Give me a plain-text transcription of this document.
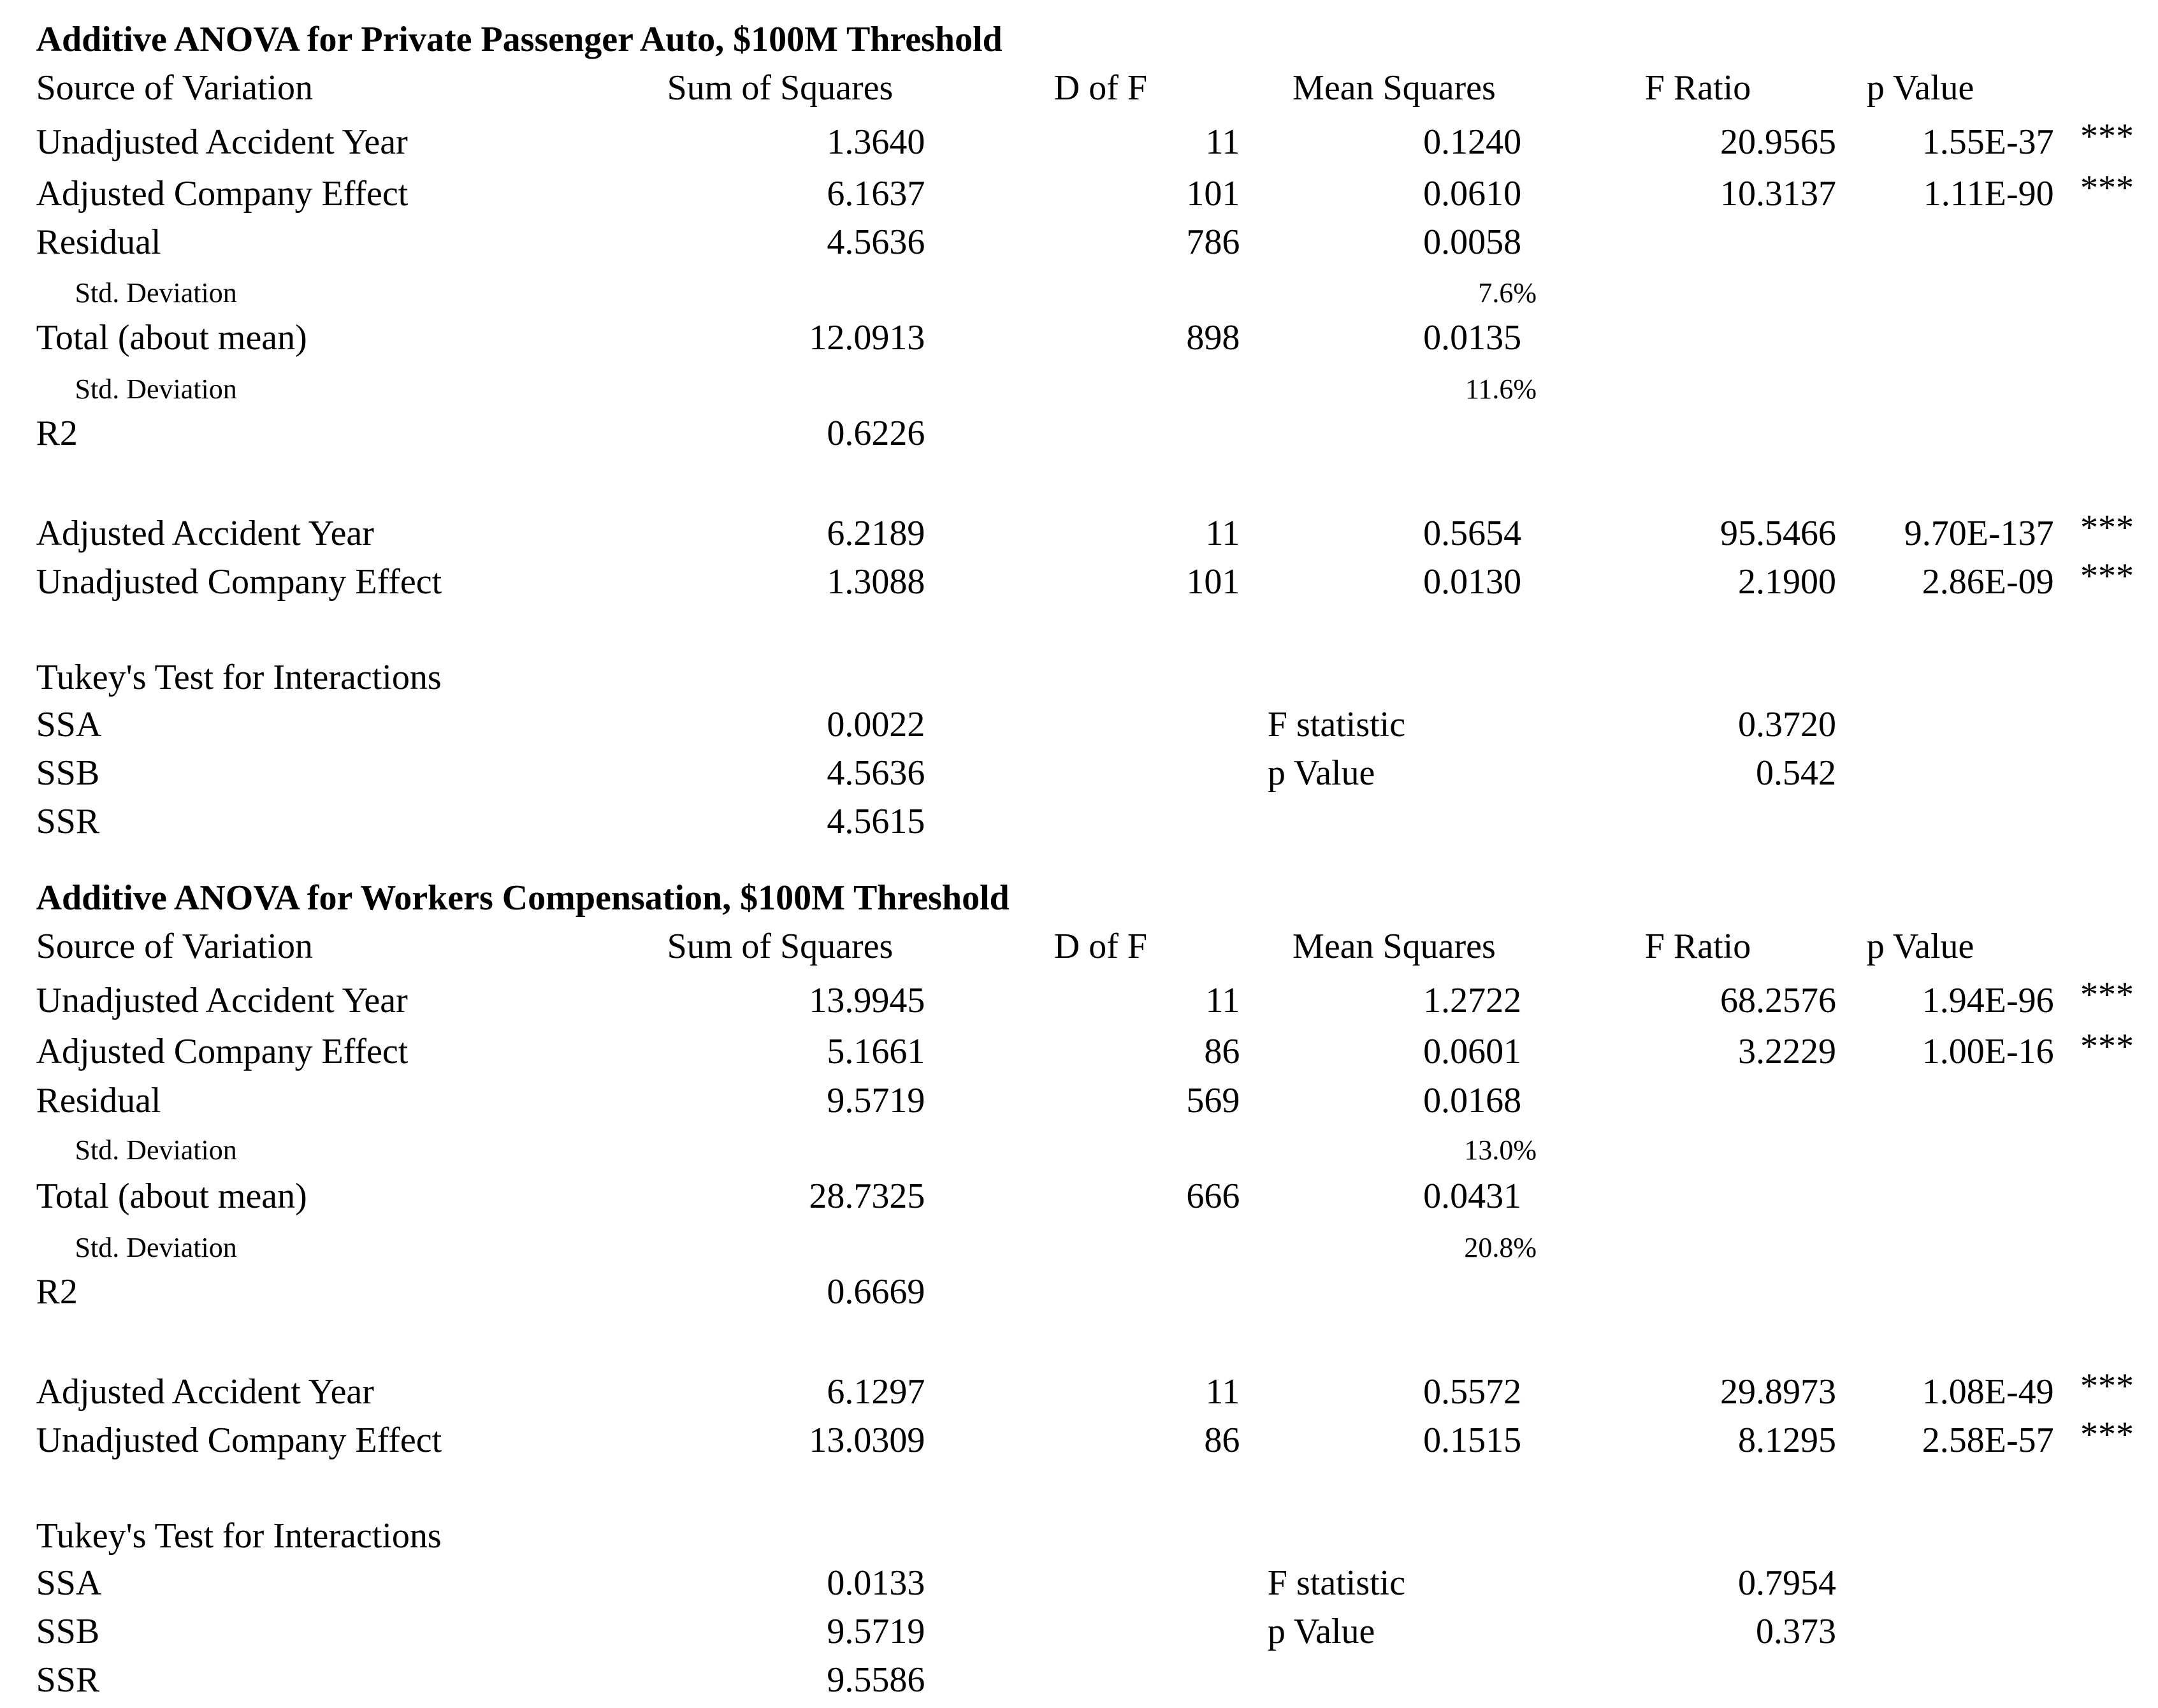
Additive ANOVA for Private Passenger Auto, $100M Threshold
Source of Variation	Sum of Squares	D of F	Mean Squares	F Ratio	p Value
Unadjusted Accident Year	1.3640	11	0.1240	20.9565 1.55E-37 ***
Adjusted Company Effect	6.1637	101	0.0610	10.3137 1.11E-90 ***
Residual	4.5636	786	0.0058
Std. Deviation	7.6%
Total (about mean)	12.0913	898	0.0135
Std. Deviation	11.6%
R2	0.6226
Adjusted Accident Year	6.2189	11	0.5654	95.5466 9.70E-137 ***
Unadjusted Company Effect	1.3088	101	0.0130	2.1900 2.86E-09 ***
Tukey's Test for Interactions
SSA	0.0022	F statistic	0.3720
SSB	4.5636	p Value	0.542
SSR	4.5615
Additive ANOVA for Workers Compensation, $100M Threshold
Source of Variation	Sum of Squares	D of F	Mean Squares	F Ratio	p Value
Unadjusted Accident Year	13.9945	11	1.2722	68.2576 1.94E-96 ***
Adjusted Company Effect	5.1661	86	0.0601	3.2229 1.00E-16 ***
Residual	9.5719	569	0.0168
Std. Deviation	13.0%
Total (about mean)	28.7325	666	0.0431
Std. Deviation	20.8%
R2	0.6669
Adjusted Accident Year	6.1297	11	0.5572	29.8973 1.08E-49 ***
Unadjusted Company Effect	13.0309	86	0.1515	8.1295 2.58E-57 ***
Tukey's Test for Interactions
SSA	0.0133	F statistic	0.7954
SSB	9.5719	p Value	0.373
SSR	9.5586
